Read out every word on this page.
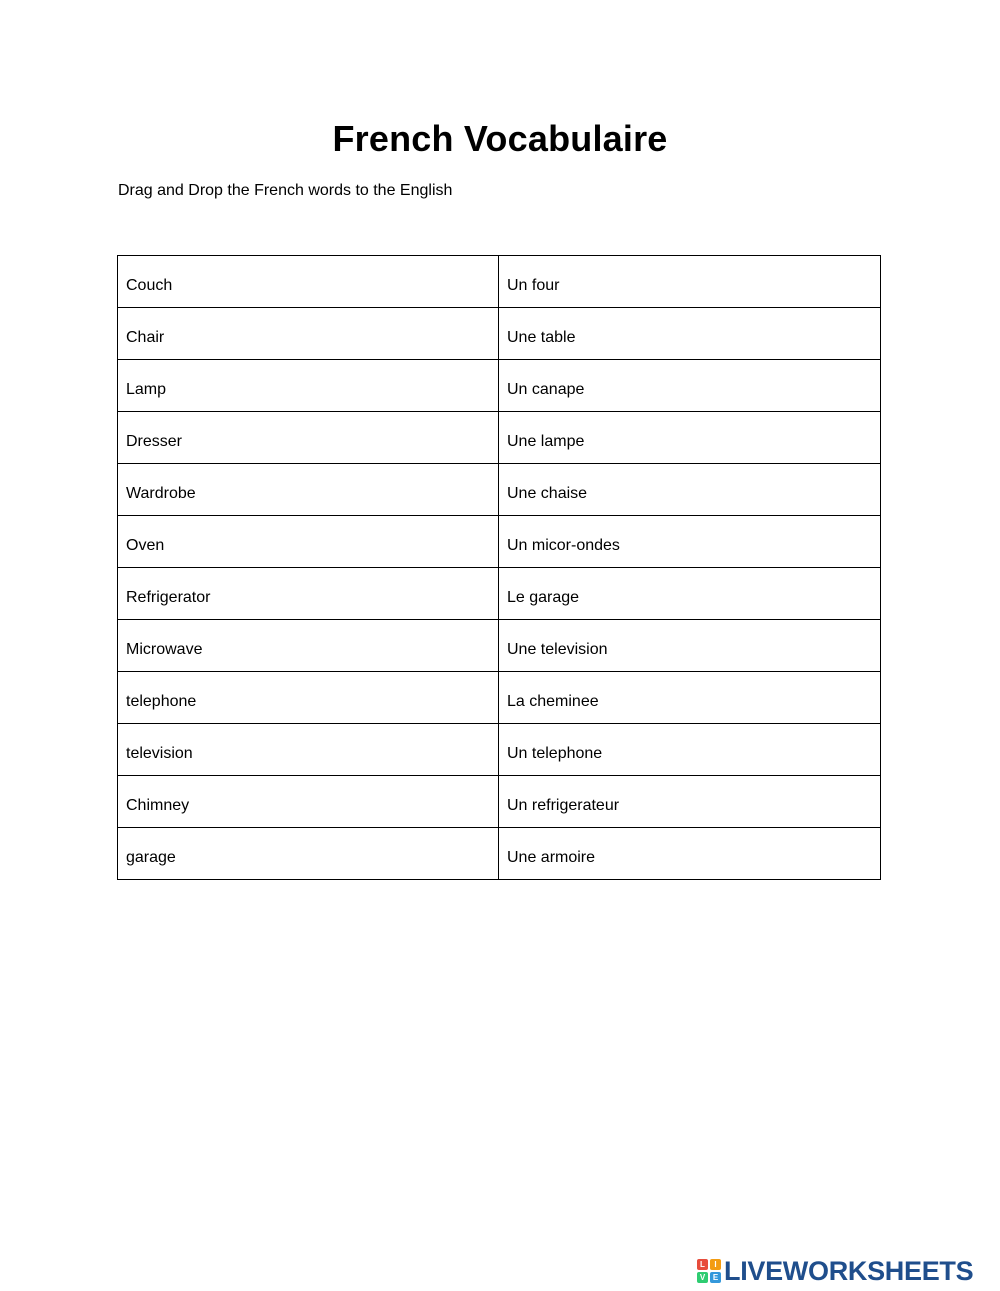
French Vocabulaire
Drag and Drop the French words to the English
Couch	Un four
Chair	Une table
Lamp	Un canape
Dresser	Une lampe
Wardrobe	Une chaise
Oven	Un micor-ondes
Refrigerator	Le garage
Microwave	Une television
telephone	La cheminee
television	Un telephone
Chimney	Un refrigerateur
garage	Une armoire
L	I
V E LIVEWORKSHEETS
